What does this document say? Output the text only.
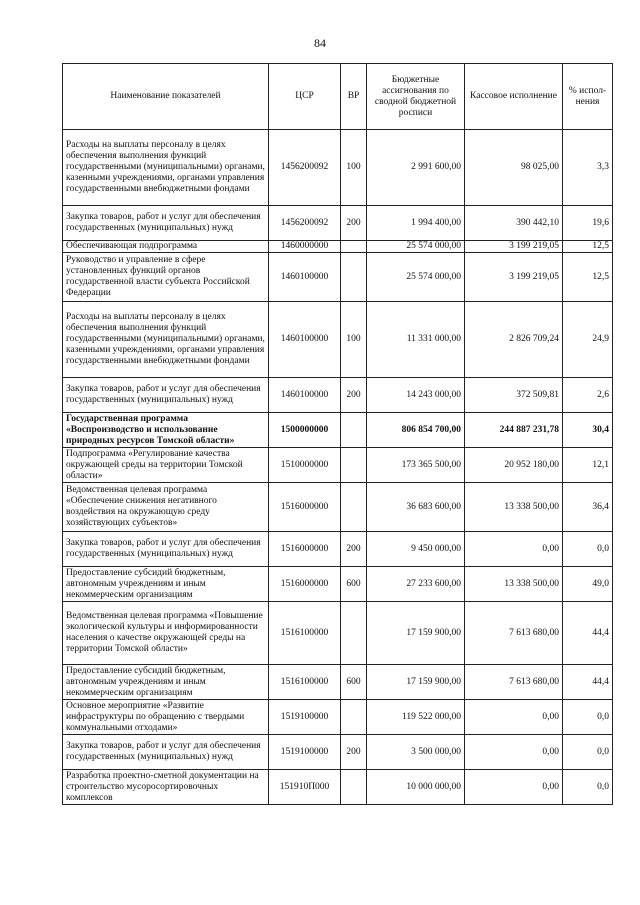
84
Наименование показателей	ЦСР	ВР	Бюджетные ассигнования по сводной бюджетной росписи	Кассовое исполнение	% испол-нения
Расходы на выплаты персоналу в целях обеспечения выполнения функций государственными (муниципальными) органами, казенными учреждениями, органами управления государственными внебюджетными фондами	1456200092	100	2 991 600,00	98 025,00	3,3
Закупка товаров, работ и услуг для обеспечения государственных (муниципальных) нужд	1456200092	200	1 994 400,00	390 442,10	19,6
Обеспечивающая подпрограмма	1460000000		25 574 000,00	3 199 219,05	12,5
Руководство и управление в сфере установленных функций органов государственной власти субъекта Российской Федерации	1460100000		25 574 000,00	3 199 219,05	12,5
Расходы на выплаты персоналу в целях обеспечения выполнения функций государственными (муниципальными) органами, казенными учреждениями, органами управления государственными внебюджетными фондами	1460100000	100	11 331 000,00	2 826 709,24	24,9
Закупка товаров, работ и услуг для обеспечения государственных (муниципальных) нужд	1460100000	200	14 243 000,00	372 509,81	2,6
Государственная программа «Воспроизводство и использование природных ресурсов Томской области»	1500000000		806 854 700,00	244 887 231,78	30,4
Подпрограмма «Регулирование качества окружающей среды на территории Томской области»	1510000000		173 365 500,00	20 952 180,00	12,1
Ведомственная целевая программа «Обеспечение снижения негативного воздействия на окружающую среду хозяйствующих субъектов»	1516000000		36 683 600,00	13 338 500,00	36,4
Закупка товаров, работ и услуг для обеспечения государственных (муниципальных) нужд	1516000000	200	9 450 000,00	0,00	0,0
Предоставление субсидий бюджетным, автономным учреждениям и иным некоммерческим организациям	1516000000	600	27 233 600,00	13 338 500,00	49,0
Ведомственная целевая программа «Повышение экологической культуры и информированности населения о качестве окружающей среды на территории Томской области»	1516100000		17 159 900,00	7 613 680,00	44,4
Предоставление субсидий бюджетным, автономным учреждениям и иным некоммерческим организациям	1516100000	600	17 159 900,00	7 613 680,00	44,4
Основное мероприятие «Развитие инфраструктуры по обращению с твердыми коммунальными отходами»	1519100000		119 522 000,00	0,00	0,0
Закупка товаров, работ и услуг для обеспечения государственных (муниципальных) нужд	1519100000	200	3 500 000,00	0,00	0,0
Разработка проектно-сметной документации на строительство мусоросортировочных комплексов	151910П000		10 000 000,00	0,00	0,0
